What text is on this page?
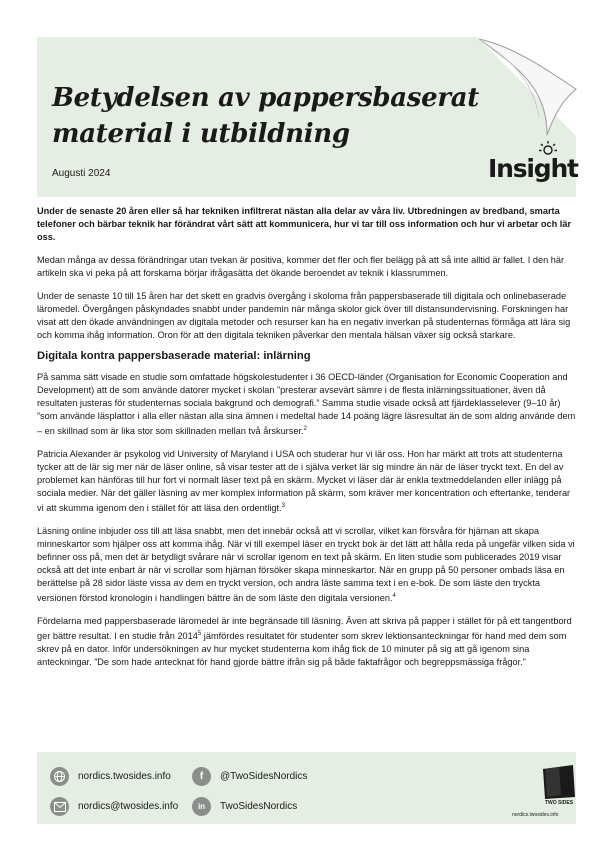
Betydelsen av pappersbaserat material i utbildning
Augusti 2024	Insight

Under de senaste 20 åren eller så har tekniken infiltrerat nästan alla delar av våra liv. Utbredningen av bredband, smarta telefoner och bärbar teknik har förändrat vårt sätt att kommunicera, hur vi tar till oss information och hur vi arbetar och lär oss.

Medan många av dessa förändringar utan tvekan är positiva, kommer det fler och fler belägg på att så inte alltid är fallet. I den här artikeln ska vi peka på att forskarna börjar ifrågasätta det ökande beroendet av teknik i klassrummen.

Under de senaste 10 till 15 åren har det skett en gradvis övergång i skolorna från pappersbaserade till digitala och onlinebaserade läromedel. Övergången påskyndades snabbt under pandemin när många skolor gick över till distansundervisning. Forskningen har visat att den ökade användningen av digitala metoder och resurser kan ha en negativ inverkan på studenternas förmåga att lära sig och komma ihåg information. Oron för att den digitala tekniken påverkar den mentala hälsan växer sig också starkare.

Digitala kontra pappersbaserade material: inlärning

På samma sätt visade en studie som omfattade högskolestudenter i 36 OECD-länder (Organisation for Economic Cooperation and Development) att de som använde datorer mycket i skolan ”presterar avsevärt sämre i de flesta inlärningssituationer, även då resultaten justeras för studenternas sociala bakgrund och demografi.” Samma studie visade också att fjärdeklasselever (9–10 år) ”som använde läsplattor i alla eller nästan alla sina ämnen i medeltal hade 14 poäng lägre läsresultat än de som aldrig använde dem – en skillnad som är lika stor som skillnaden mellan två årskurser.$^2$

Patricia Alexander är psykolog vid University of Maryland i USA och studerar hur vi lär oss. Hon har märkt att trots att studenterna tycker att de lär sig mer när de läser online, så visar tester att de i själva verket lär sig mindre än när de läser tryckt text. En del av problemet kan hänföras till hur fort vi normalt läser text på en skärm. Mycket vi läser där är enkla textmeddelanden eller inlägg på sociala medier. När det gäller läsning av mer komplex information på skärm, som kräver mer koncentration och eftertanke, tenderar vi att skumma igenom den i stället för att läsa den ordentligt.$^3$

Läsning online inbjuder oss till att läsa snabbt, men det innebär också att vi scrollar, vilket kan försvåra för hjärnan att skapa minneskartor som hjälper oss att komma ihåg. När vi till exempel läser en tryckt bok är det lätt att hålla reda på ungefär vilken sida vi befinner oss på, men det är betydligt svårare när vi scrollar igenom en text på skärm. En liten studie som publicerades 2019 visar också att det inte enbart är när vi scrollar som hjärnan försöker skapa minneskartor. När en grupp på 50 personer ombads läsa en berättelse på 28 sidor läste vissa av dem en tryckt version, och andra läste samma text i en e-bok. De som läste den tryckta versionen förstod kronologin i handlingen bättre än de som läste den digitala versionen.$^4$

Fördelarna med pappersbaserade läromedel är inte begränsade till läsning. Även att skriva på papper i stället för på ett tangentbord ger bättre resultat. I en studie från 2014$^5$ jämfördes resultatet för studenter som skrev lektionsanteckningar för hand med dem som skrev på en dator. Inför undersökningen av hur mycket studenterna kom ihåg fick de 10 minuter på sig att gå igenom sina anteckningar. ”De som hade antecknat för hand gjorde bättre ifrån sig på både faktafrågor och begreppsmässiga frågor.”

nordics.twosides.info
nordics@twosides.info
f	@TwoSidesNordics
in	TwoSidesNordics	TWO SIDES
nordics.twosides.info
